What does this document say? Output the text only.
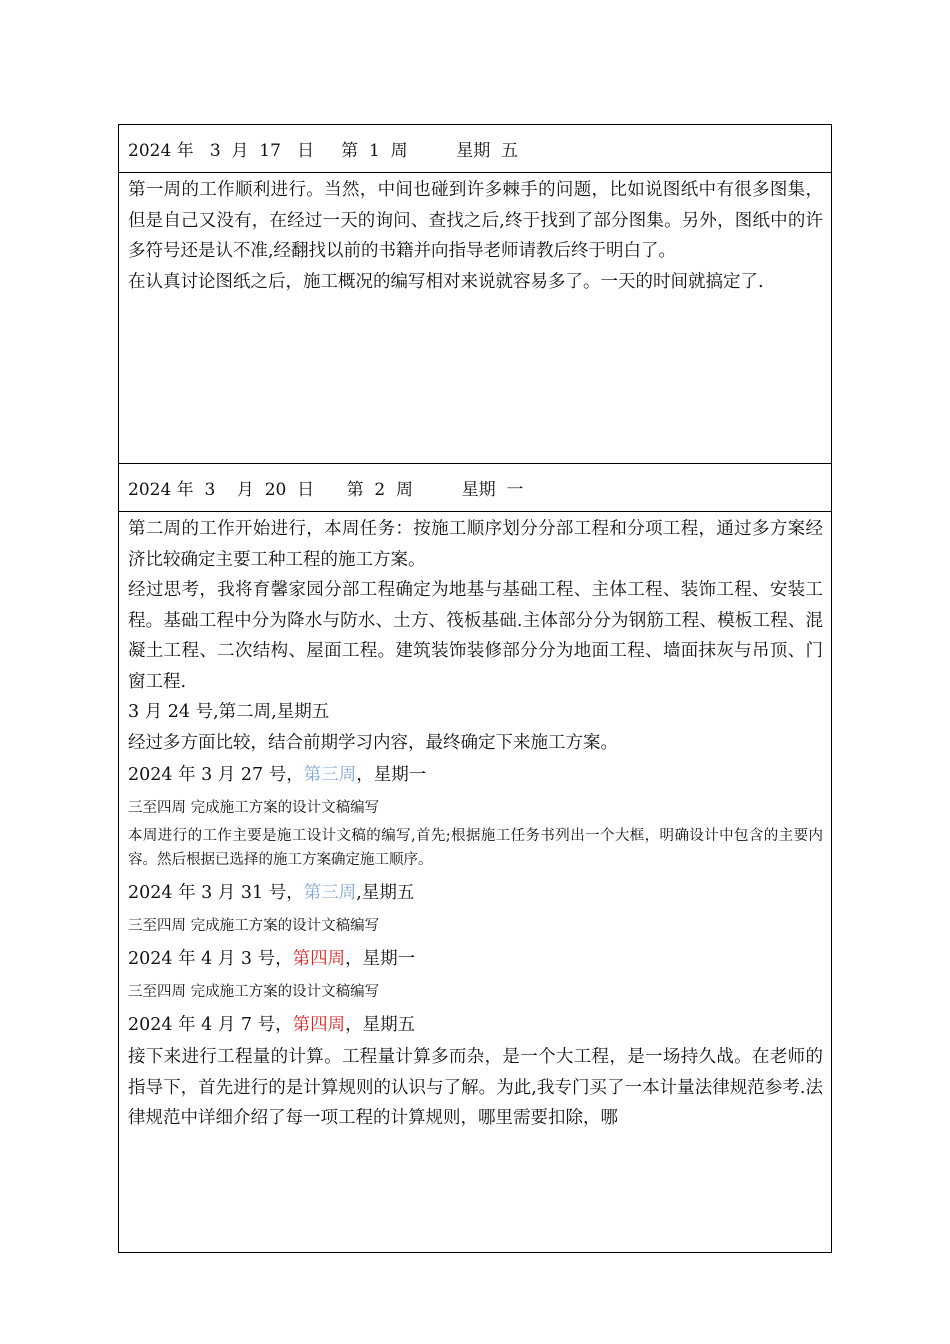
2024 年   3  月  17   日     第  1  周         星期  五

第一周的工作顺利进行。当然，中间也碰到许多棘手的问题，比如说图纸中有很多图集，但是自己又没有，在经过一天的询问、查找之后,终于找到了部分图集。另外，图纸中的许多符号还是认不准,经翻找以前的书籍并向指导老师请教后终于明白了。

在认真讨论图纸之后，施工概况的编写相对来说就容易多了。一天的时间就搞定了.

2024 年  3    月  20  日      第  2  周         星期  一

第二周的工作开始进行，本周任务：按施工顺序划分分部工程和分项工程，通过多方案经济比较确定主要工种工程的施工方案。

经过思考，我将育馨家园分部工程确定为地基与基础工程、主体工程、装饰工程、安装工程。基础工程中分为降水与防水、土方、筏板基础.主体部分分为钢筋工程、模板工程、混凝土工程、二次结构、屋面工程。建筑装饰装修部分分为地面工程、墙面抹灰与吊顶、门窗工程.

3 月 24 号,第二周,星期五

经过多方面比较，结合前期学习内容，最终确定下来施工方案。

2024 年 3 月 27 号，第三周，星期一

三至四周 完成施工方案的设计文稿编写

本周进行的工作主要是施工设计文稿的编写,首先;根据施工任务书列出一个大框，明确设计中包含的主要内容。然后根据已选择的施工方案确定施工顺序。

2024 年 3 月 31 号，第三周,星期五

三至四周 完成施工方案的设计文稿编写

2024 年 4 月 3 号，第四周，星期一

三至四周 完成施工方案的设计文稿编写

2024 年 4 月 7 号，第四周，星期五

接下来进行工程量的计算。工程量计算多而杂，是一个大工程，是一场持久战。在老师的指导下，首先进行的是计算规则的认识与了解。为此,我专门买了一本计量法律规范参考.法律规范中详细介绍了每一项工程的计算规则，哪里需要扣除，哪
